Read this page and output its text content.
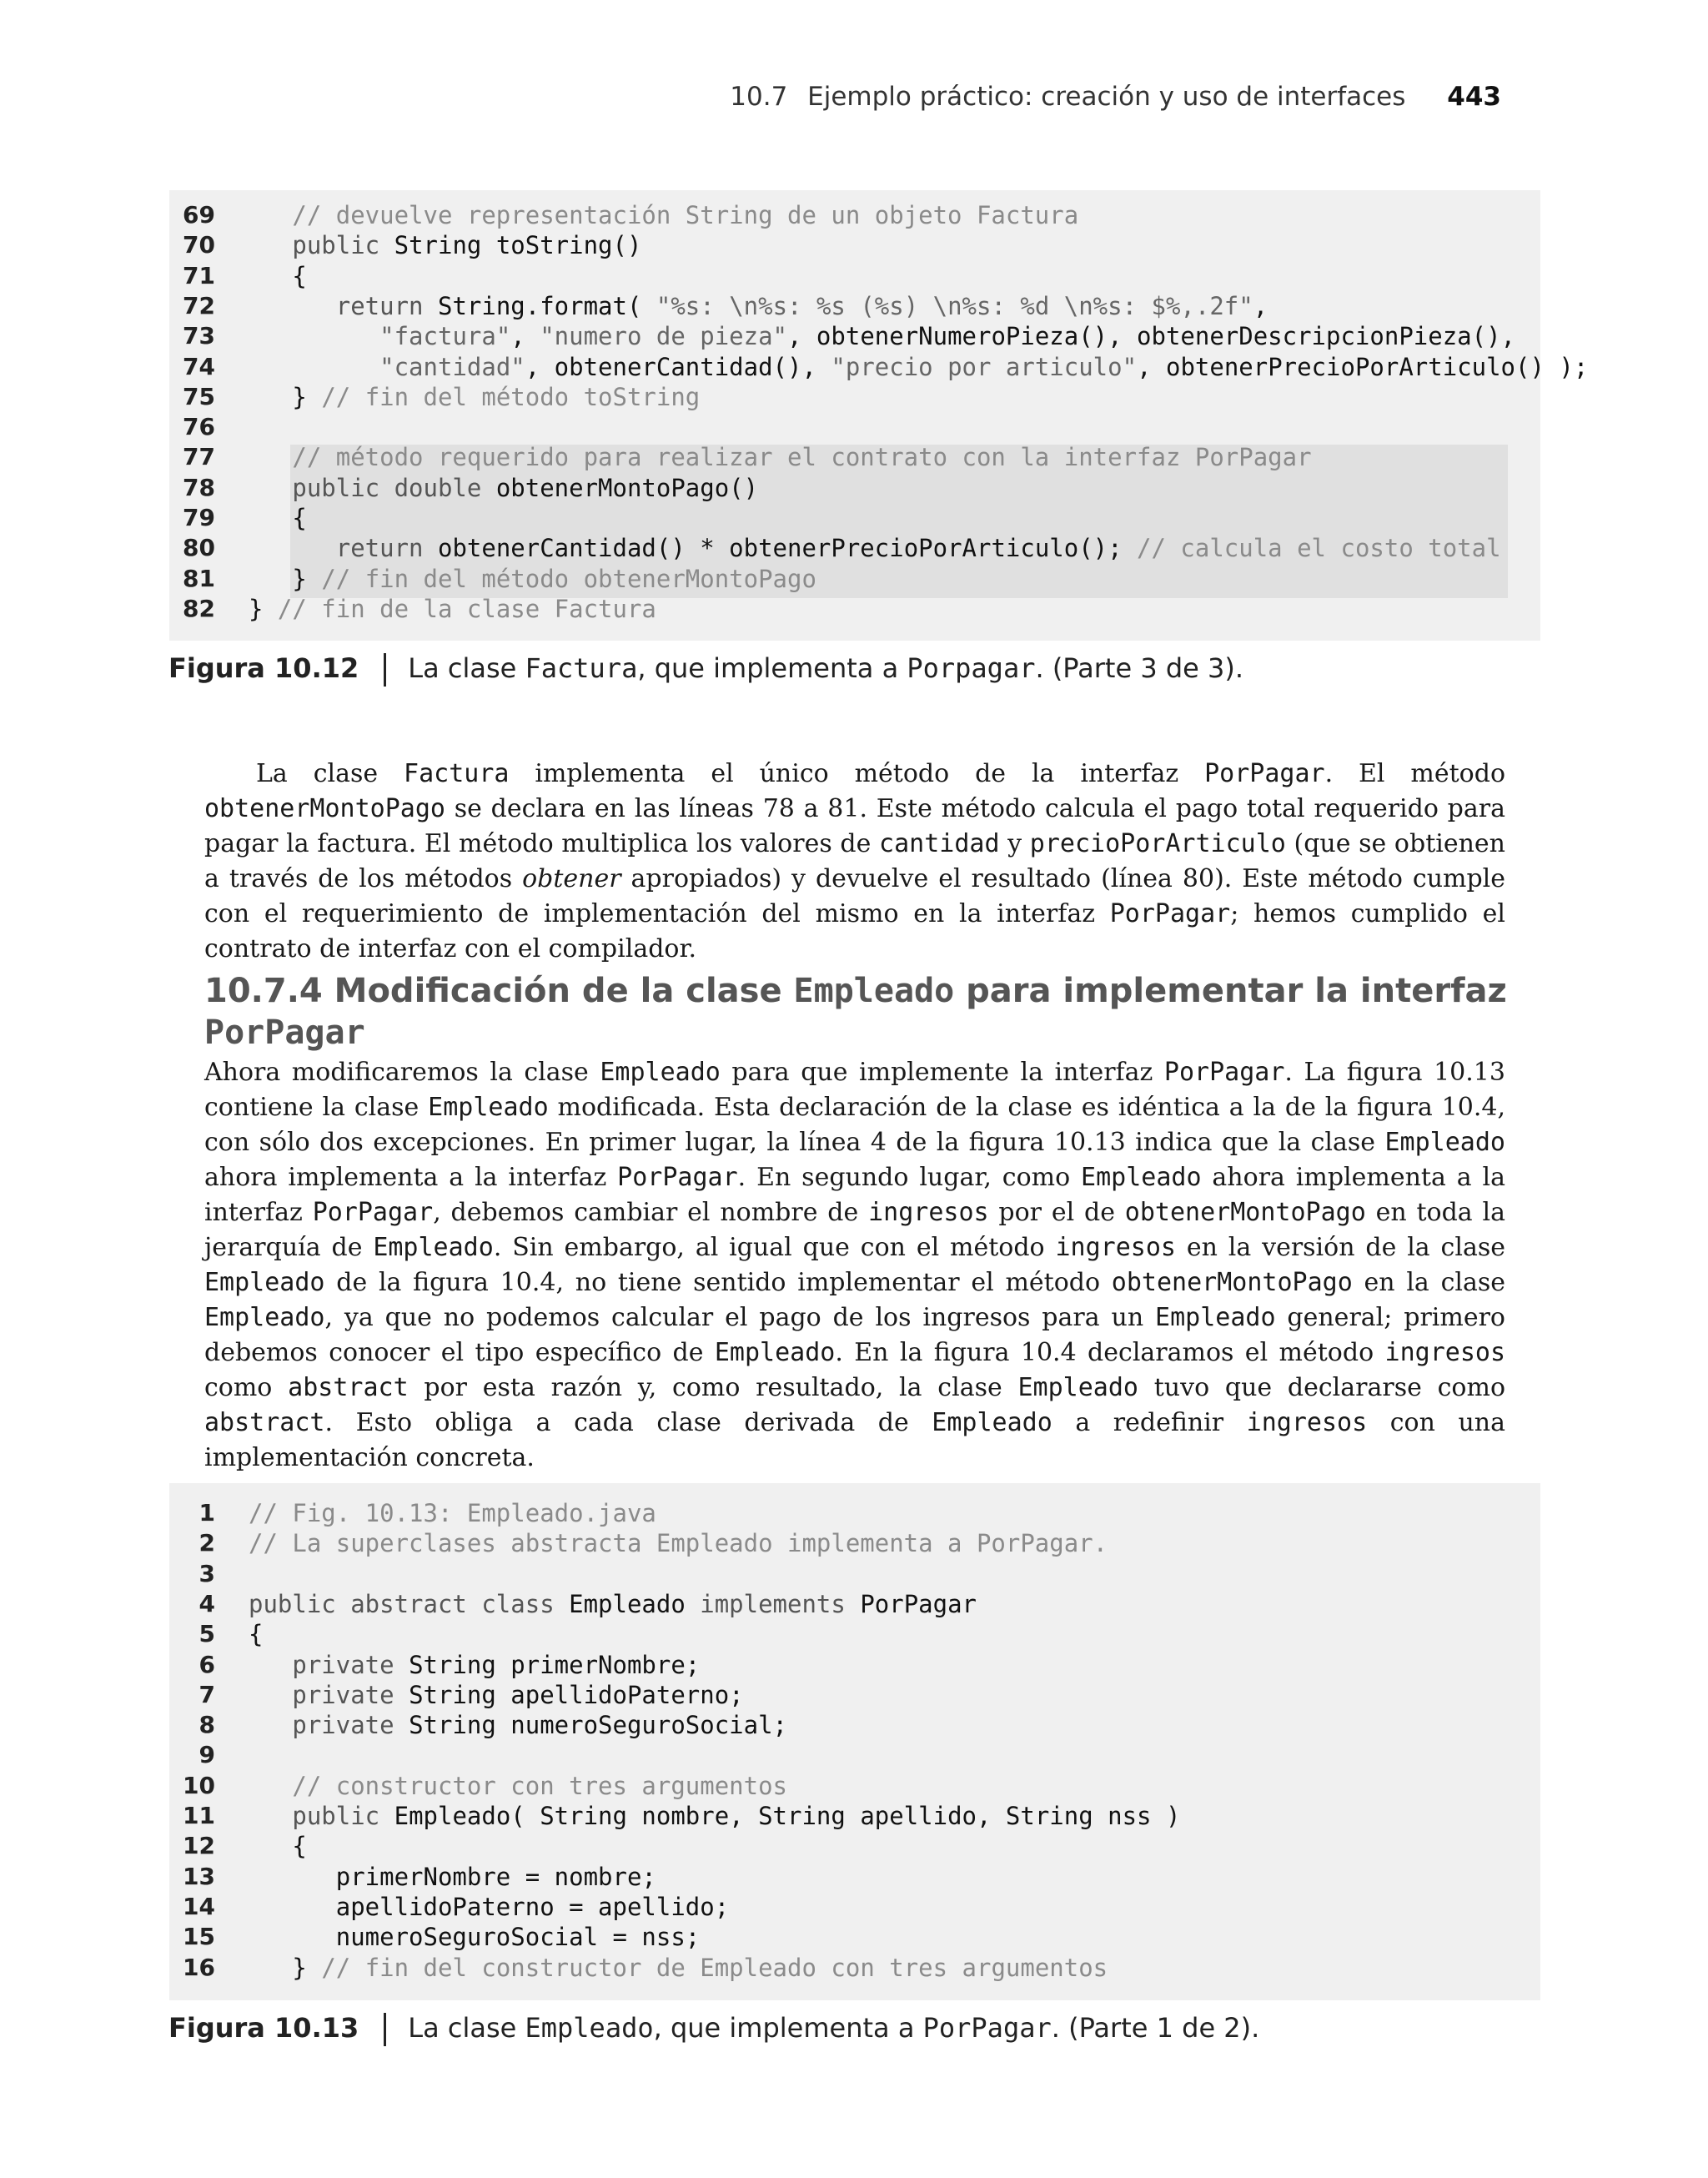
10.7 Ejemplo práctico: creación y uso de interfaces 443
69 // devuelve representación String de un objeto Factura
70 public String toString()
71 {
72 return String.format( "%s: \n%s: %s (%s) \n%s: %d \n%s: $%,.2f",
73	"factura", "numero de pieza", obtenerNumeroPieza(), obtenerDescripcionPieza(),
74	"cantidad", obtenerCantidad(), "precio por articulo", obtenerPrecioPorArticulo() );
75 } // fin del método toString
76
77 // método requerido para realizar el contrato con la interfaz PorPagar
78 public double obtenerMontoPago()
79 {
80 return obtenerCantidad() * obtenerPrecioPorArticulo(); // calcula el costo total
81 } // fin del método obtenerMontoPago
82 } // fin de la clase Factura
Figura 10.12 La clase Factura, que implementa a Porpagar. (Parte 3 de 3).

La clase Factura implementa el único método de la interfaz PorPagar. El método obtenerMontoPago se declara en las líneas 78 a 81. Este método calcula el pago total requerido para pagar la factura. El método multiplica los valores de cantidad y precioPorArticulo (que se obtienen a través de los métodos obtener apropiados) y devuelve el resultado (línea 80). Este método cumple con el requerimiento de implementación del mismo en la interfaz PorPagar; hemos cumplido el contrato de interfaz con el compilador.

10.7.4 Modificación de la clase Empleado para implementar la interfaz PorPagar

Ahora modificaremos la clase Empleado para que implemente la interfaz PorPagar. La figura 10.13 contiene la clase Empleado modificada. Esta declaración de la clase es idéntica a la de la figura 10.4, con sólo dos excepciones. En primer lugar, la línea 4 de la figura 10.13 indica que la clase Empleado ahora implementa a la interfaz PorPagar. En segundo lugar, como Empleado ahora implementa a la interfaz PorPagar, debemos cambiar el nombre de ingresos por el de obtenerMontoPago en toda la jerarquía de Empleado. Sin embargo, al igual que con el método ingresos en la versión de la clase Empleado de la figura 10.4, no tiene sentido implementar el método obtenerMontoPago en la clase Empleado, ya que no podemos calcular el pago de los ingresos para un Empleado general; primero debemos conocer el tipo específico de Empleado. En la figura 10.4 declaramos el método ingresos como abstract por esta razón y, como resultado, la clase Empleado tuvo que declararse como abstract. Esto obliga a cada clase derivada de Empleado a redefinir ingresos con una implementación concreta.

1 // Fig. 10.13: Empleado.java
2 // La superclases abstracta Empleado implementa a PorPagar.
3
4 public abstract class Empleado implements PorPagar
5 {
6 private String primerNombre;
7 private String apellidoPaterno;
8 private String numeroSeguroSocial;
9
10 // constructor con tres argumentos
11 public Empleado( String nombre, String apellido, String nss )
12 {
13 primerNombre = nombre;
14 apellidoPaterno = apellido;
15 numeroSeguroSocial = nss;
16 } // fin del constructor de Empleado con tres argumentos
Figura 10.13 La clase Empleado, que implementa a PorPagar. (Parte 1 de 2).
